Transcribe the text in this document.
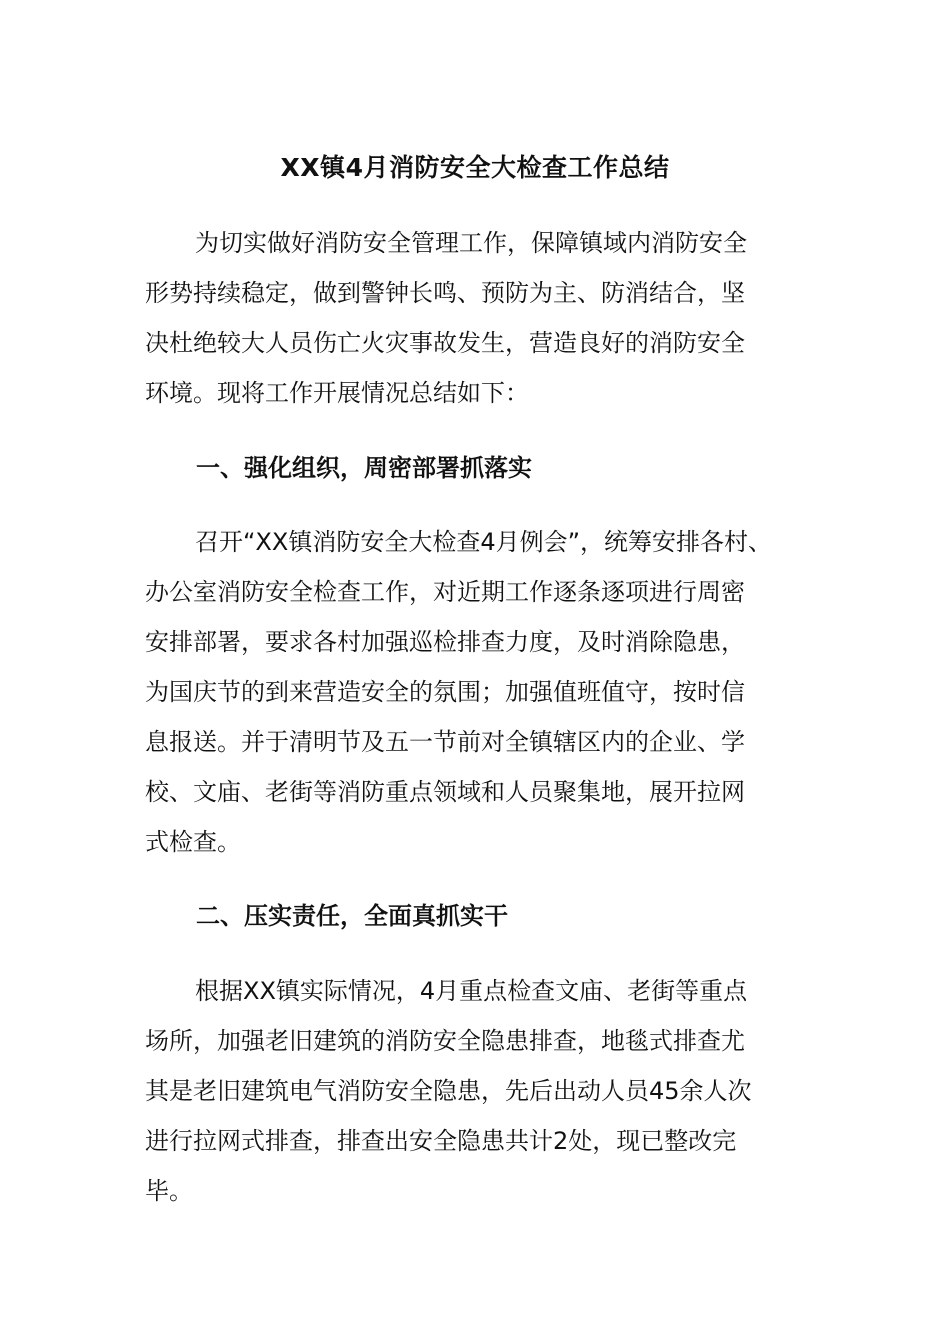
XX镇4月消防安全大检查工作总结
为切实做好消防安全管理工作，保障镇域内消防安全
形势持续稳定，做到警钟长鸣、预防为主、防消结合，坚
决杜绝较大人员伤亡火灾事故发生，营造良好的消防安全
环境。现将工作开展情况总结如下：
一、强化组织，周密部署抓落实
召开“XX镇消防安全大检查4月例会”，统筹安排各村、
办公室消防安全检查工作，对近期工作逐条逐项进行周密
安排部署，要求各村加强巡检排查力度，及时消除隐患，
为国庆节的到来营造安全的氛围；加强值班值守，按时信
息报送。并于清明节及五一节前对全镇辖区内的企业、学
校、文庙、老街等消防重点领域和人员聚集地，展开拉网
式检查。
二、压实责任，全面真抓实干
根据XX镇实际情况，4月重点检查文庙、老街等重点
场所，加强老旧建筑的消防安全隐患排查，地毯式排查尤
其是老旧建筑电气消防安全隐患，先后出动人员45余人次
进行拉网式排查，排查出安全隐患共计2处，现已整改完
毕。
